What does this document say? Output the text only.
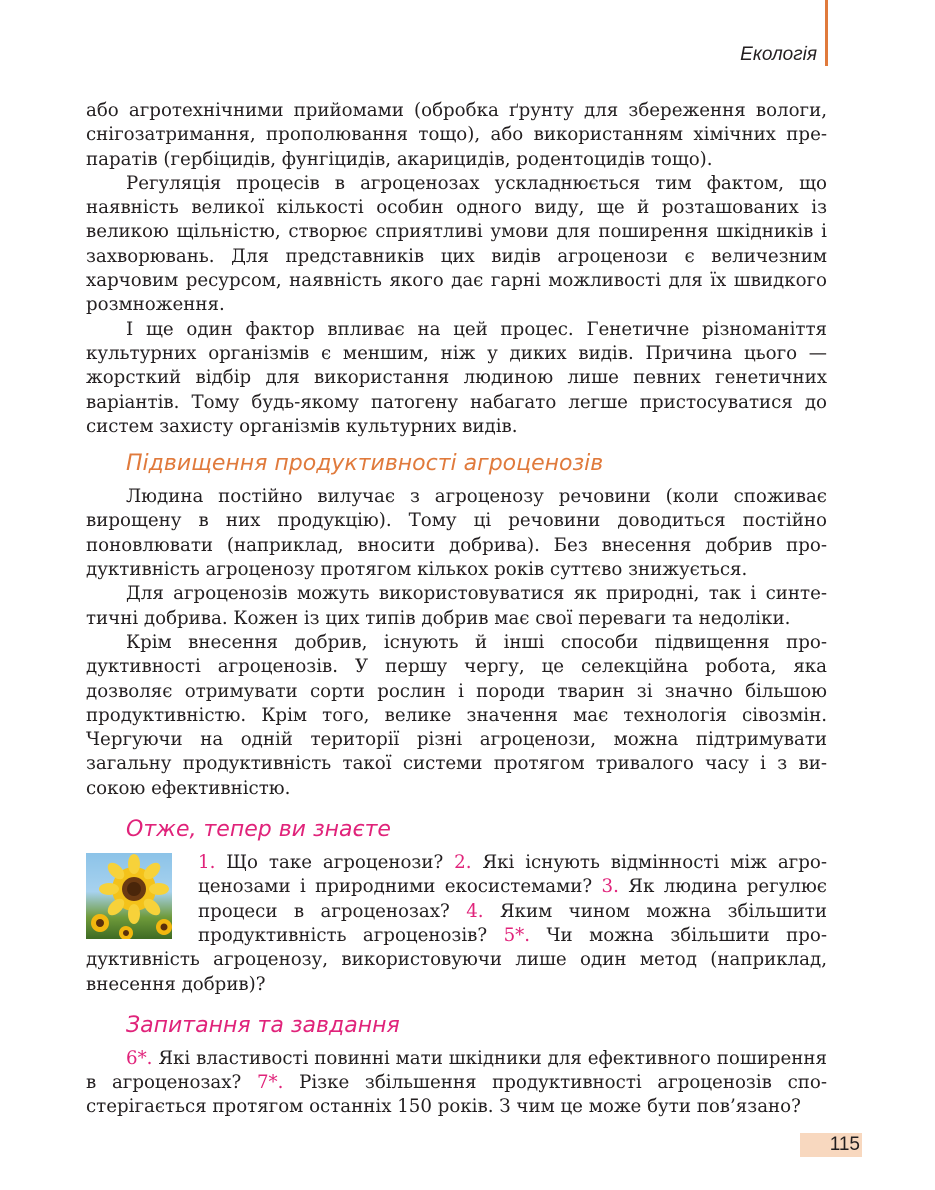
Екологія

або агротехнічними прийомами (обробка ґрунту для збереження вологи, снігозатримання, прополювання тощо), або використанням хімічних препаратів (гербіцидів, фунгіцидів, акарицидів, родентоцидів тощо).

Регуляція процесів в агроценозах ускладнюється тим фактом, що наявність великої кількості особин одного виду, ще й розташованих із великою щільністю, створює сприятливі умови для поширення шкідників і захворювань. Для представників цих видів агроценози є величезним харчовим ресурсом, наявність якого дає гарні можливості для їх швидкого розмноження.

І ще один фактор впливає на цей процес. Генетичне різноманіття культурних організмів є меншим, ніж у диких видів. Причина цього — жорсткий відбір для використання людиною лише певних генетичних варіантів. Тому будь-якому патогену набагато легше пристосуватися до систем захисту організмів культурних видів.

Підвищення продуктивності агроценозів

Людина постійно вилучає з агроценозу речовини (коли споживає вирощену в них продукцію). Тому ці речовини доводиться постійно поновлювати (наприклад, вносити добрива). Без внесення добрив продуктивність агроценозу протягом кількох років суттєво знижується.

Для агроценозів можуть використовуватися як природні, так і синтетичні добрива. Кожен із цих типів добрив має свої переваги та недоліки.

Крім внесення добрив, існують й інші способи підвищення продуктивності агроценозів. У першу чергу, це селекційна робота, яка дозволяє отримувати сорти рослин і породи тварин зі значно більшою продуктивністю. Крім того, велике значення має технологія сівозмін. Чергуючи на одній території різні агроценози, можна підтримувати загальну продуктивність такої системи протягом тривалого часу і з високою ефективністю.

Отже, тепер ви знаєте

1. Що таке агроценози? 2. Які існують відмінності між агроценозами і природними екосистемами? 3. Як людина регулює процеси в агроценозах? 4. Яким чином можна збільшити продуктивність агроценозів? 5*. Чи можна збільшити продуктивність агроценозу, використовуючи лише один метод (наприклад, внесення добрив)?

Запитання та завдання

6*. Які властивості повинні мати шкідники для ефективного поширення в агроценозах? 7*. Різке збільшення продуктивності агроценозів спостерігається протягом останніх 150 років. З чим це може бути пов’язано?

115
